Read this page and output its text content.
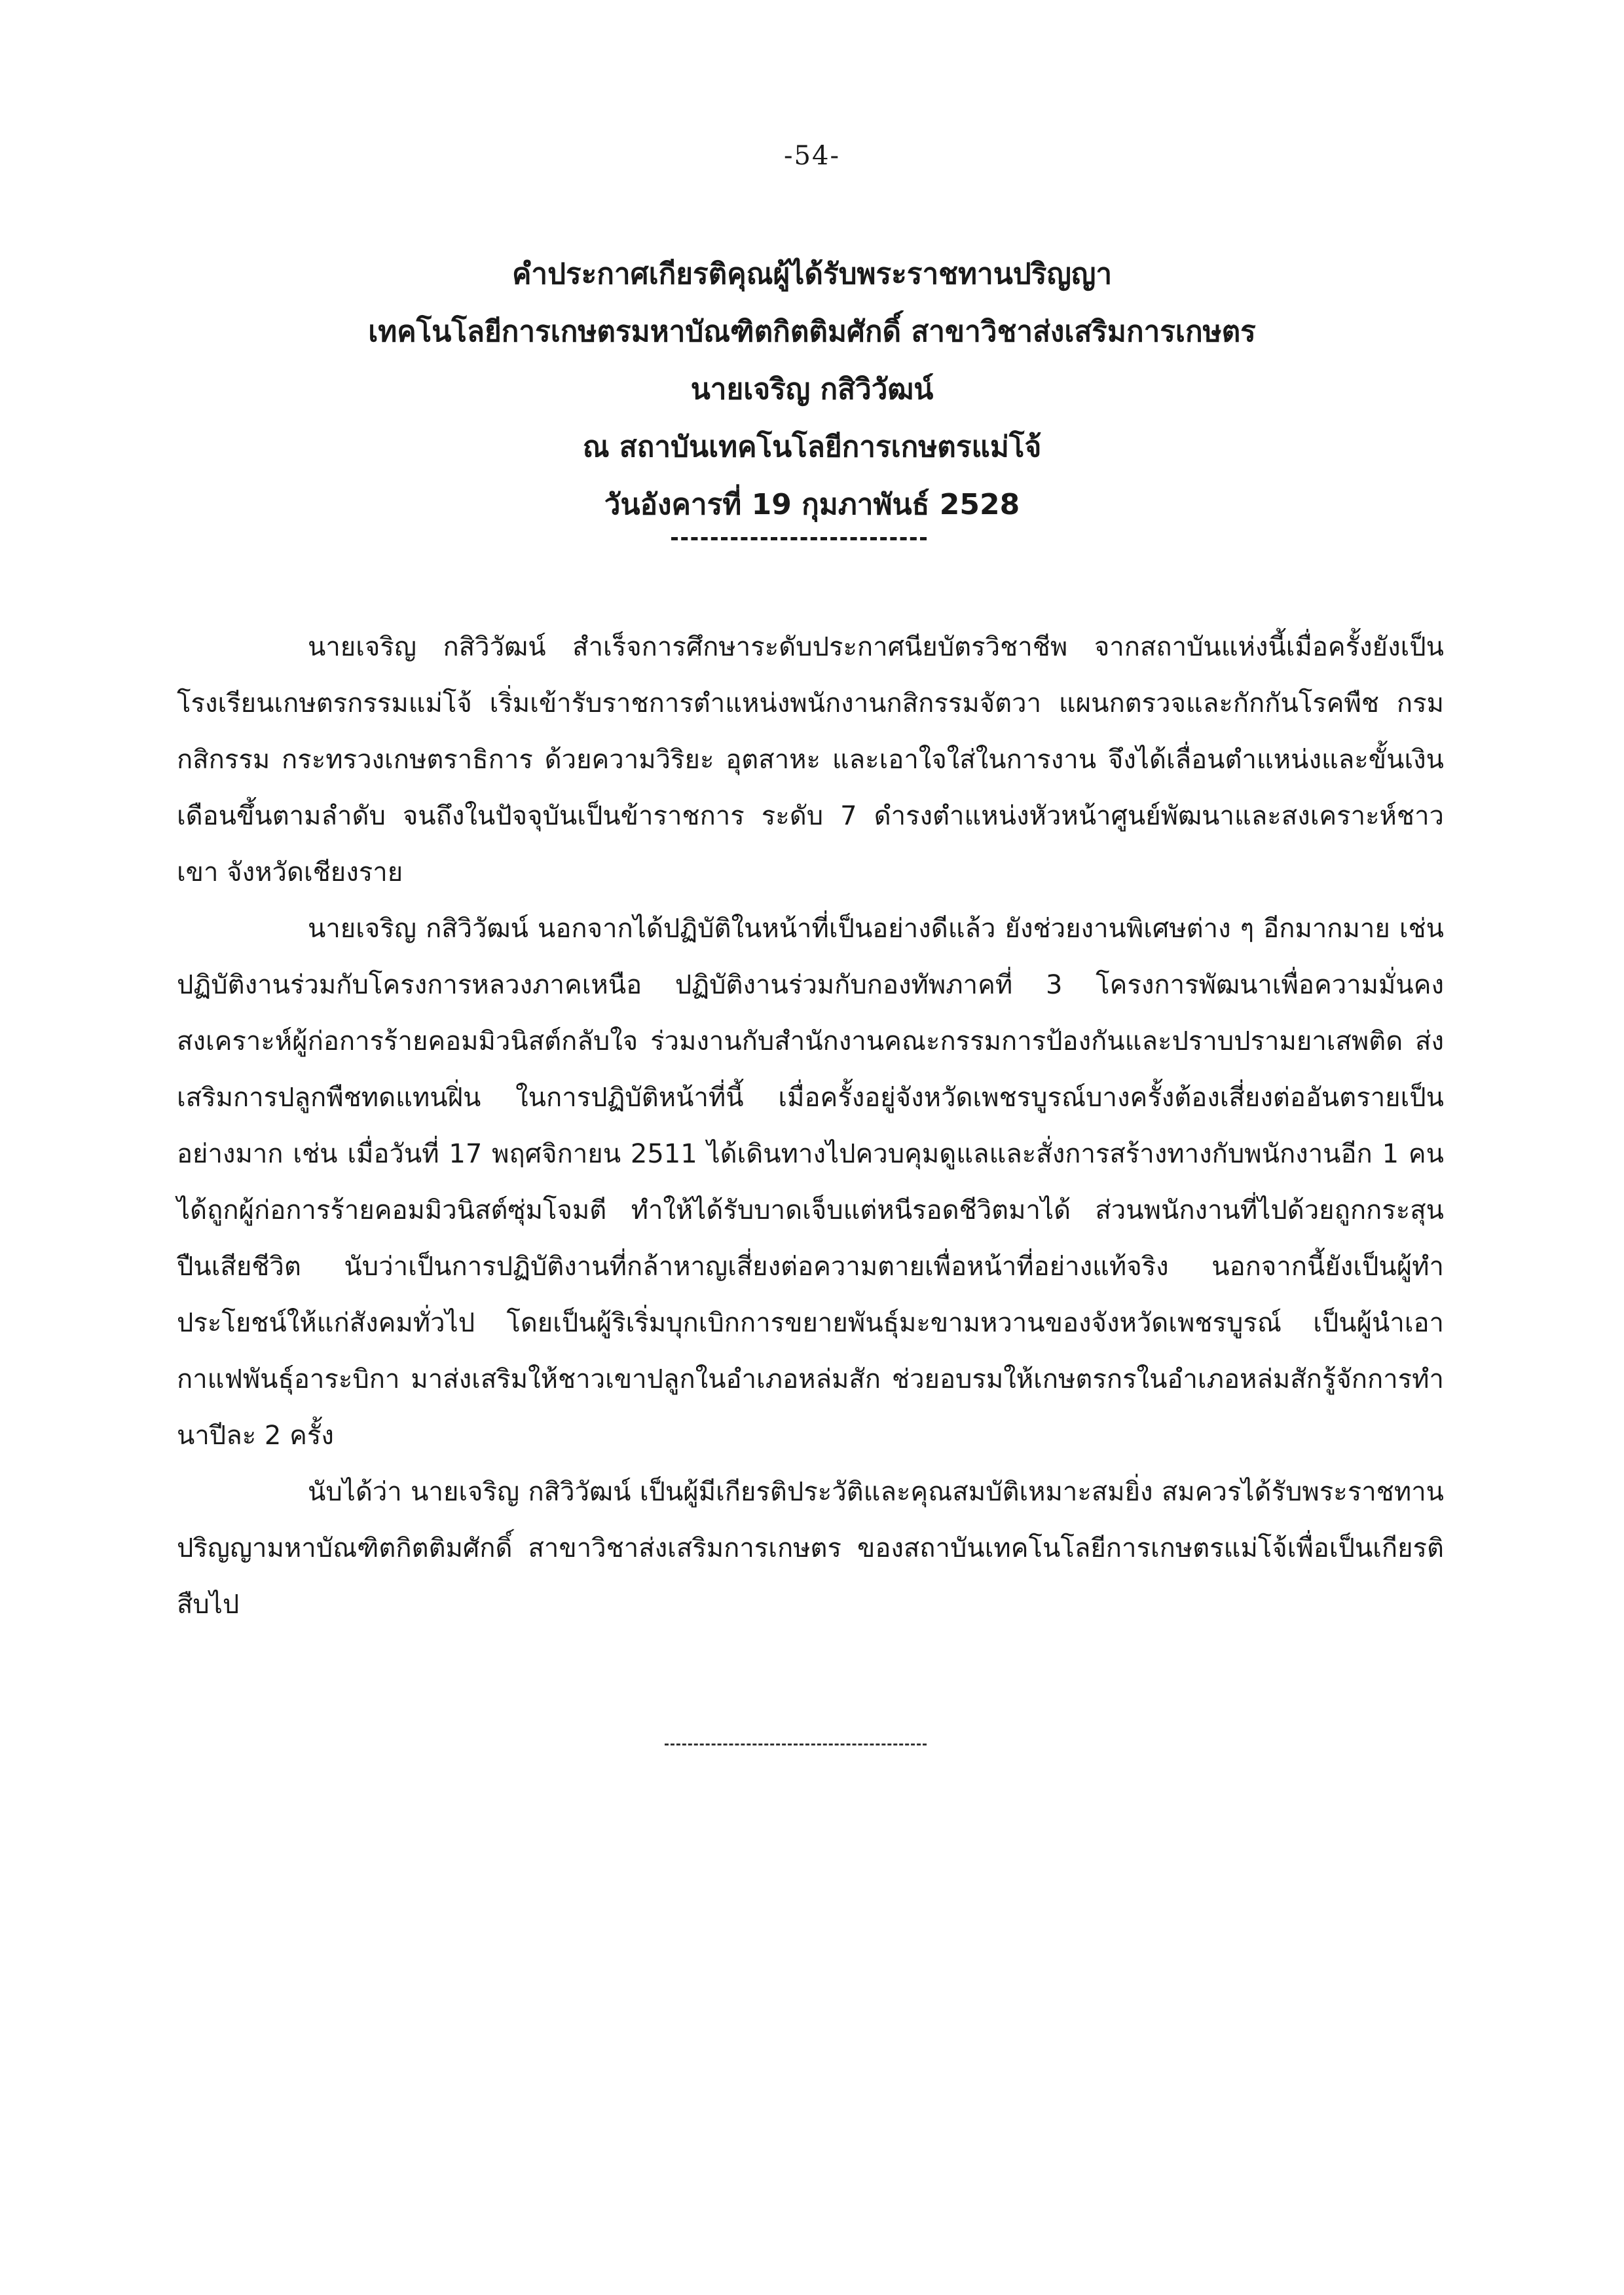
-54-
คำประกาศเกียรติคุณผู้ได้รับพระราชทานปริญญา
เทคโนโลยีการเกษตรมหาบัณฑิตกิตติมศักดิ์ สาขาวิชาส่งเสริมการเกษตร
นายเจริญ กสิวิวัฒน์
ณ สถาบันเทคโนโลยีการเกษตรแม่โจ้
วันอังคารที่ 19 กุมภาพันธ์ 2528

นายเจริญ กสิวิวัฒน์ สำเร็จการศึกษาระดับประกาศนียบัตรวิชาชีพ จากสถาบันแห่งนี้เมื่อครั้งยังเป็นโรงเรียนเกษตรกรรมแม่โจ้ เริ่มเข้ารับราชการตำแหน่งพนักงานกสิกรรมจัตวา แผนกตรวจและกักกันโรคพืช กรมกสิกรรม กระทรวงเกษตราธิการ ด้วยความวิริยะ อุตสาหะ และเอาใจใส่ในการงาน จึงได้เลื่อนตำแหน่งและขั้นเงินเดือนขึ้นตามลำดับ จนถึงในปัจจุบันเป็นข้าราชการ ระดับ 7 ดำรงตำแหน่งหัวหน้าศูนย์พัฒนาและสงเคราะห์ชาวเขา จังหวัดเชียงราย

นายเจริญ กสิวิวัฒน์ นอกจากได้ปฏิบัติในหน้าที่เป็นอย่างดีแล้ว ยังช่วยงานพิเศษต่าง ๆ อีกมากมาย เช่น ปฏิบัติงานร่วมกับโครงการหลวงภาคเหนือ ปฏิบัติงานร่วมกับกองทัพภาคที่ 3 โครงการพัฒนาเพื่อความมั่นคง สงเคราะห์ผู้ก่อการร้ายคอมมิวนิสต์กลับใจ ร่วมงานกับสำนักงานคณะกรรมการป้องกันและปราบปรามยาเสพติด ส่งเสริมการปลูกพืชทดแทนฝิ่น ในการปฏิบัติหน้าที่นี้ เมื่อครั้งอยู่จังหวัดเพชรบูรณ์บางครั้งต้องเสี่ยงต่ออันตรายเป็นอย่างมาก เช่น เมื่อวันที่ 17 พฤศจิกายน 2511 ได้เดินทางไปควบคุมดูแลและสั่งการสร้างทางกับพนักงานอีก 1 คน ได้ถูกผู้ก่อการร้ายคอมมิวนิสต์ซุ่มโจมตี ทำให้ได้รับบาดเจ็บแต่หนีรอดชีวิตมาได้ ส่วนพนักงานที่ไปด้วยถูกกระสุนปืนเสียชีวิต นับว่าเป็นการปฏิบัติงานที่กล้าหาญเสี่ยงต่อความตายเพื่อหน้าที่อย่างแท้จริง นอกจากนี้ยังเป็นผู้ทำประโยชน์ให้แก่สังคมทั่วไป โดยเป็นผู้ริเริ่มบุกเบิกการขยายพันธุ์มะขามหวานของจังหวัดเพชรบูรณ์ เป็นผู้นำเอากาแฟพันธุ์อาระบิกา มาส่งเสริมให้ชาวเขาปลูกในอำเภอหล่มสัก ช่วยอบรมให้เกษตรกรในอำเภอหล่มสักรู้จักการทำนาปีละ 2 ครั้ง

นับได้ว่า นายเจริญ กสิวิวัฒน์ เป็นผู้มีเกียรติประวัติและคุณสมบัติเหมาะสมยิ่ง สมควรได้รับพระราชทานปริญญามหาบัณฑิตกิตติมศักดิ์ สาขาวิชาส่งเสริมการเกษตร ของสถาบันเทคโนโลยีการเกษตรแม่โจ้เพื่อเป็นเกียรติสืบไป
